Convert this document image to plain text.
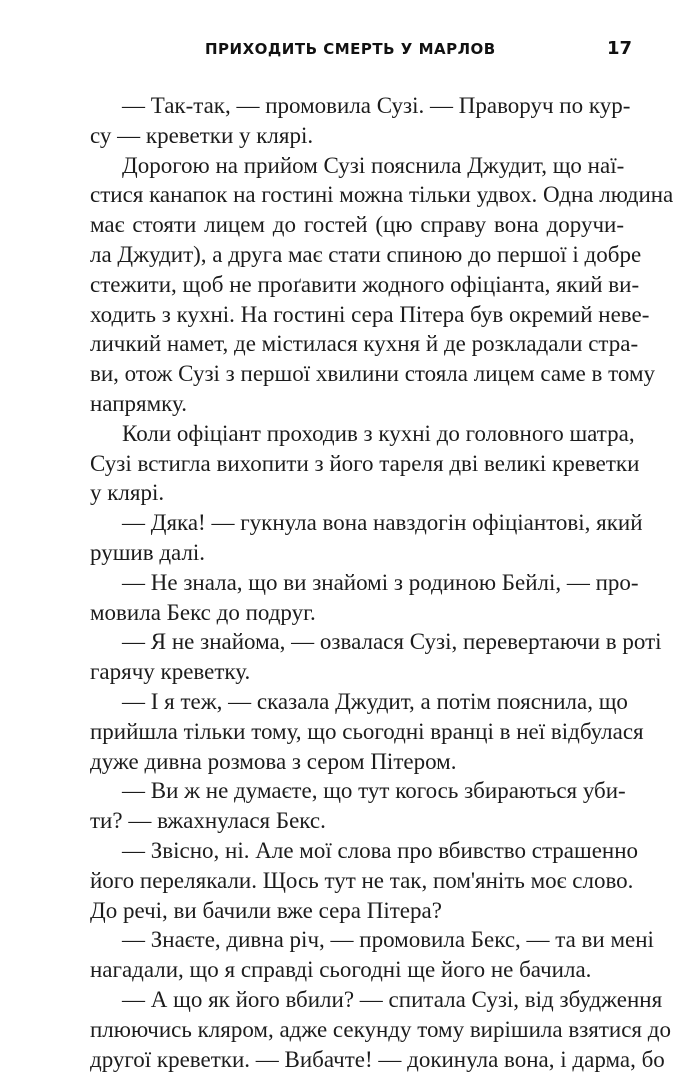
ПРИХОДИТЬ СМЕРТЬ У МАРЛОВ	17
— Так-так, — промовила Сузі. — Праворуч по кур-
су — креветки у клярі.
Дорогою на прийом Сузі пояснила Джудит, що наї-
стися канапок на гостині можна тільки удвох. Одна людина
має стояти лицем до гостей (цю справу вона доручи-
ла Джудит), а друга має стати спиною до першої і добре
стежити, щоб не проґавити жодного офіціанта, який ви-
ходить з кухні. На гостині сера Пітера був окремий неве-
личкий намет, де містилася кухня й де розкладали стра-
ви, отож Сузі з першої хвилини стояла лицем саме в тому
напрямку.
Коли офіціант проходив з кухні до головного шатра,
Сузі встигла вихопити з його тареля дві великі креветки
у клярі.
— Дяка! — гукнула вона навздогін офіціантові, який
рушив далі.
— Не знала, що ви знайомі з родиною Бейлі, — про-
мовила Бекс до подруг.
— Я не знайома, — озвалася Сузі, перевертаючи в роті
гарячу креветку.
— І я теж, — сказала Джудит, а потім пояснила, що
прийшла тільки тому, що сьогодні вранці в неї відбулася
дуже дивна розмова з сером Пітером.
— Ви ж не думаєте, що тут когось збираються уби-
ти? — вжахнулася Бекс.
— Звісно, ні. Але мої слова про вбивство страшенно
його перелякали. Щось тут не так, пом'яніть моє слово.
До речі, ви бачили вже сера Пітера?
— Знаєте, дивна річ, — промовила Бекс, — та ви мені
нагадали, що я справді сьогодні ще його не бачила.
— А що як його вбили? — спитала Сузі, від збудження
плюючись кляром, адже секунду тому вирішила взятися до
другої креветки. — Вибачте! — докинула вона, і дарма, бо
